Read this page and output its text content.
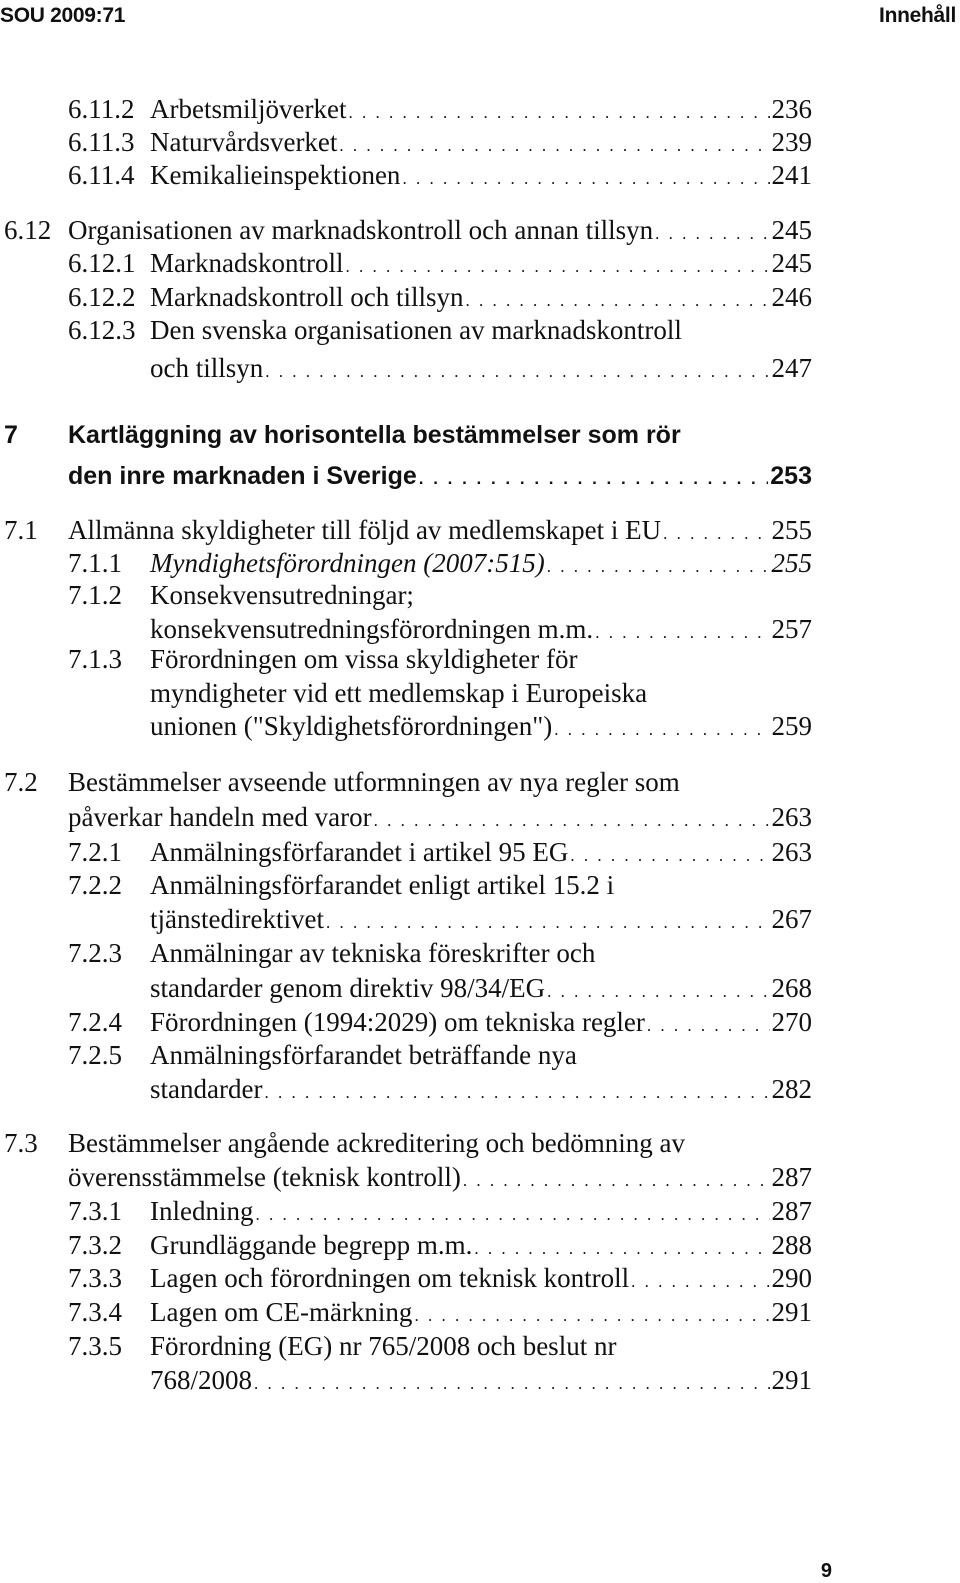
SOU 2009:71	Innehåll
6.11.2 Arbetsmiljöverket . . .	236
6.11.3 Naturvårdsverket . . .	239
6.11.4 Kemikalieinspektionen . . .	241
6.12 Organisationen av marknadskontroll och annan tillsyn . . .	245
6.12.1 Marknadskontroll . . .	245
6.12.2 Marknadskontroll och tillsyn . . .	246
6.12.3 Den svenska organisationen av marknadskontroll
och tillsyn . . .	247
7 Kartläggning av horisontella bestämmelser som rör
den inre marknaden i Sverige . . .	253
7.1 Allmänna skyldigheter till följd av medlemskapet i EU . . .	255
7.1.1 Myndighetsförordningen (2007:515) . . .	255
7.1.2 Konsekvensutredningar;
konsekvensutredningsförordningen m.m. . . .	257
7.1.3 Förordningen om vissa skyldigheter för
myndigheter vid ett medlemskap i Europeiska
unionen ("Skyldighetsförordningen") . . .	259
7.2 Bestämmelser avseende utformningen av nya regler som
påverkar handeln med varor . . .	263
7.2.1 Anmälningsförfarandet i artikel 95 EG . . .	263
7.2.2 Anmälningsförfarandet enligt artikel 15.2 i
tjänstedirektivet . . .	267
7.2.3 Anmälningar av tekniska föreskrifter och
standarder genom direktiv 98/34/EG . . .	268
7.2.4 Förordningen (1994:2029) om tekniska regler . . .	270
7.2.5 Anmälningsförfarandet beträffande nya
standarder . . .	282
7.3 Bestämmelser angående ackreditering och bedömning av
överensstämmelse (teknisk kontroll) . . .	287
7.3.1 Inledning . . .	287
7.3.2 Grundläggande begrepp m.m. . . .	288
7.3.3 Lagen och förordningen om teknisk kontroll . . .	290
7.3.4 Lagen om CE-märkning . . .	291
7.3.5 Förordning (EG) nr 765/2008 och beslut nr
768/2008 . . .	291
9
